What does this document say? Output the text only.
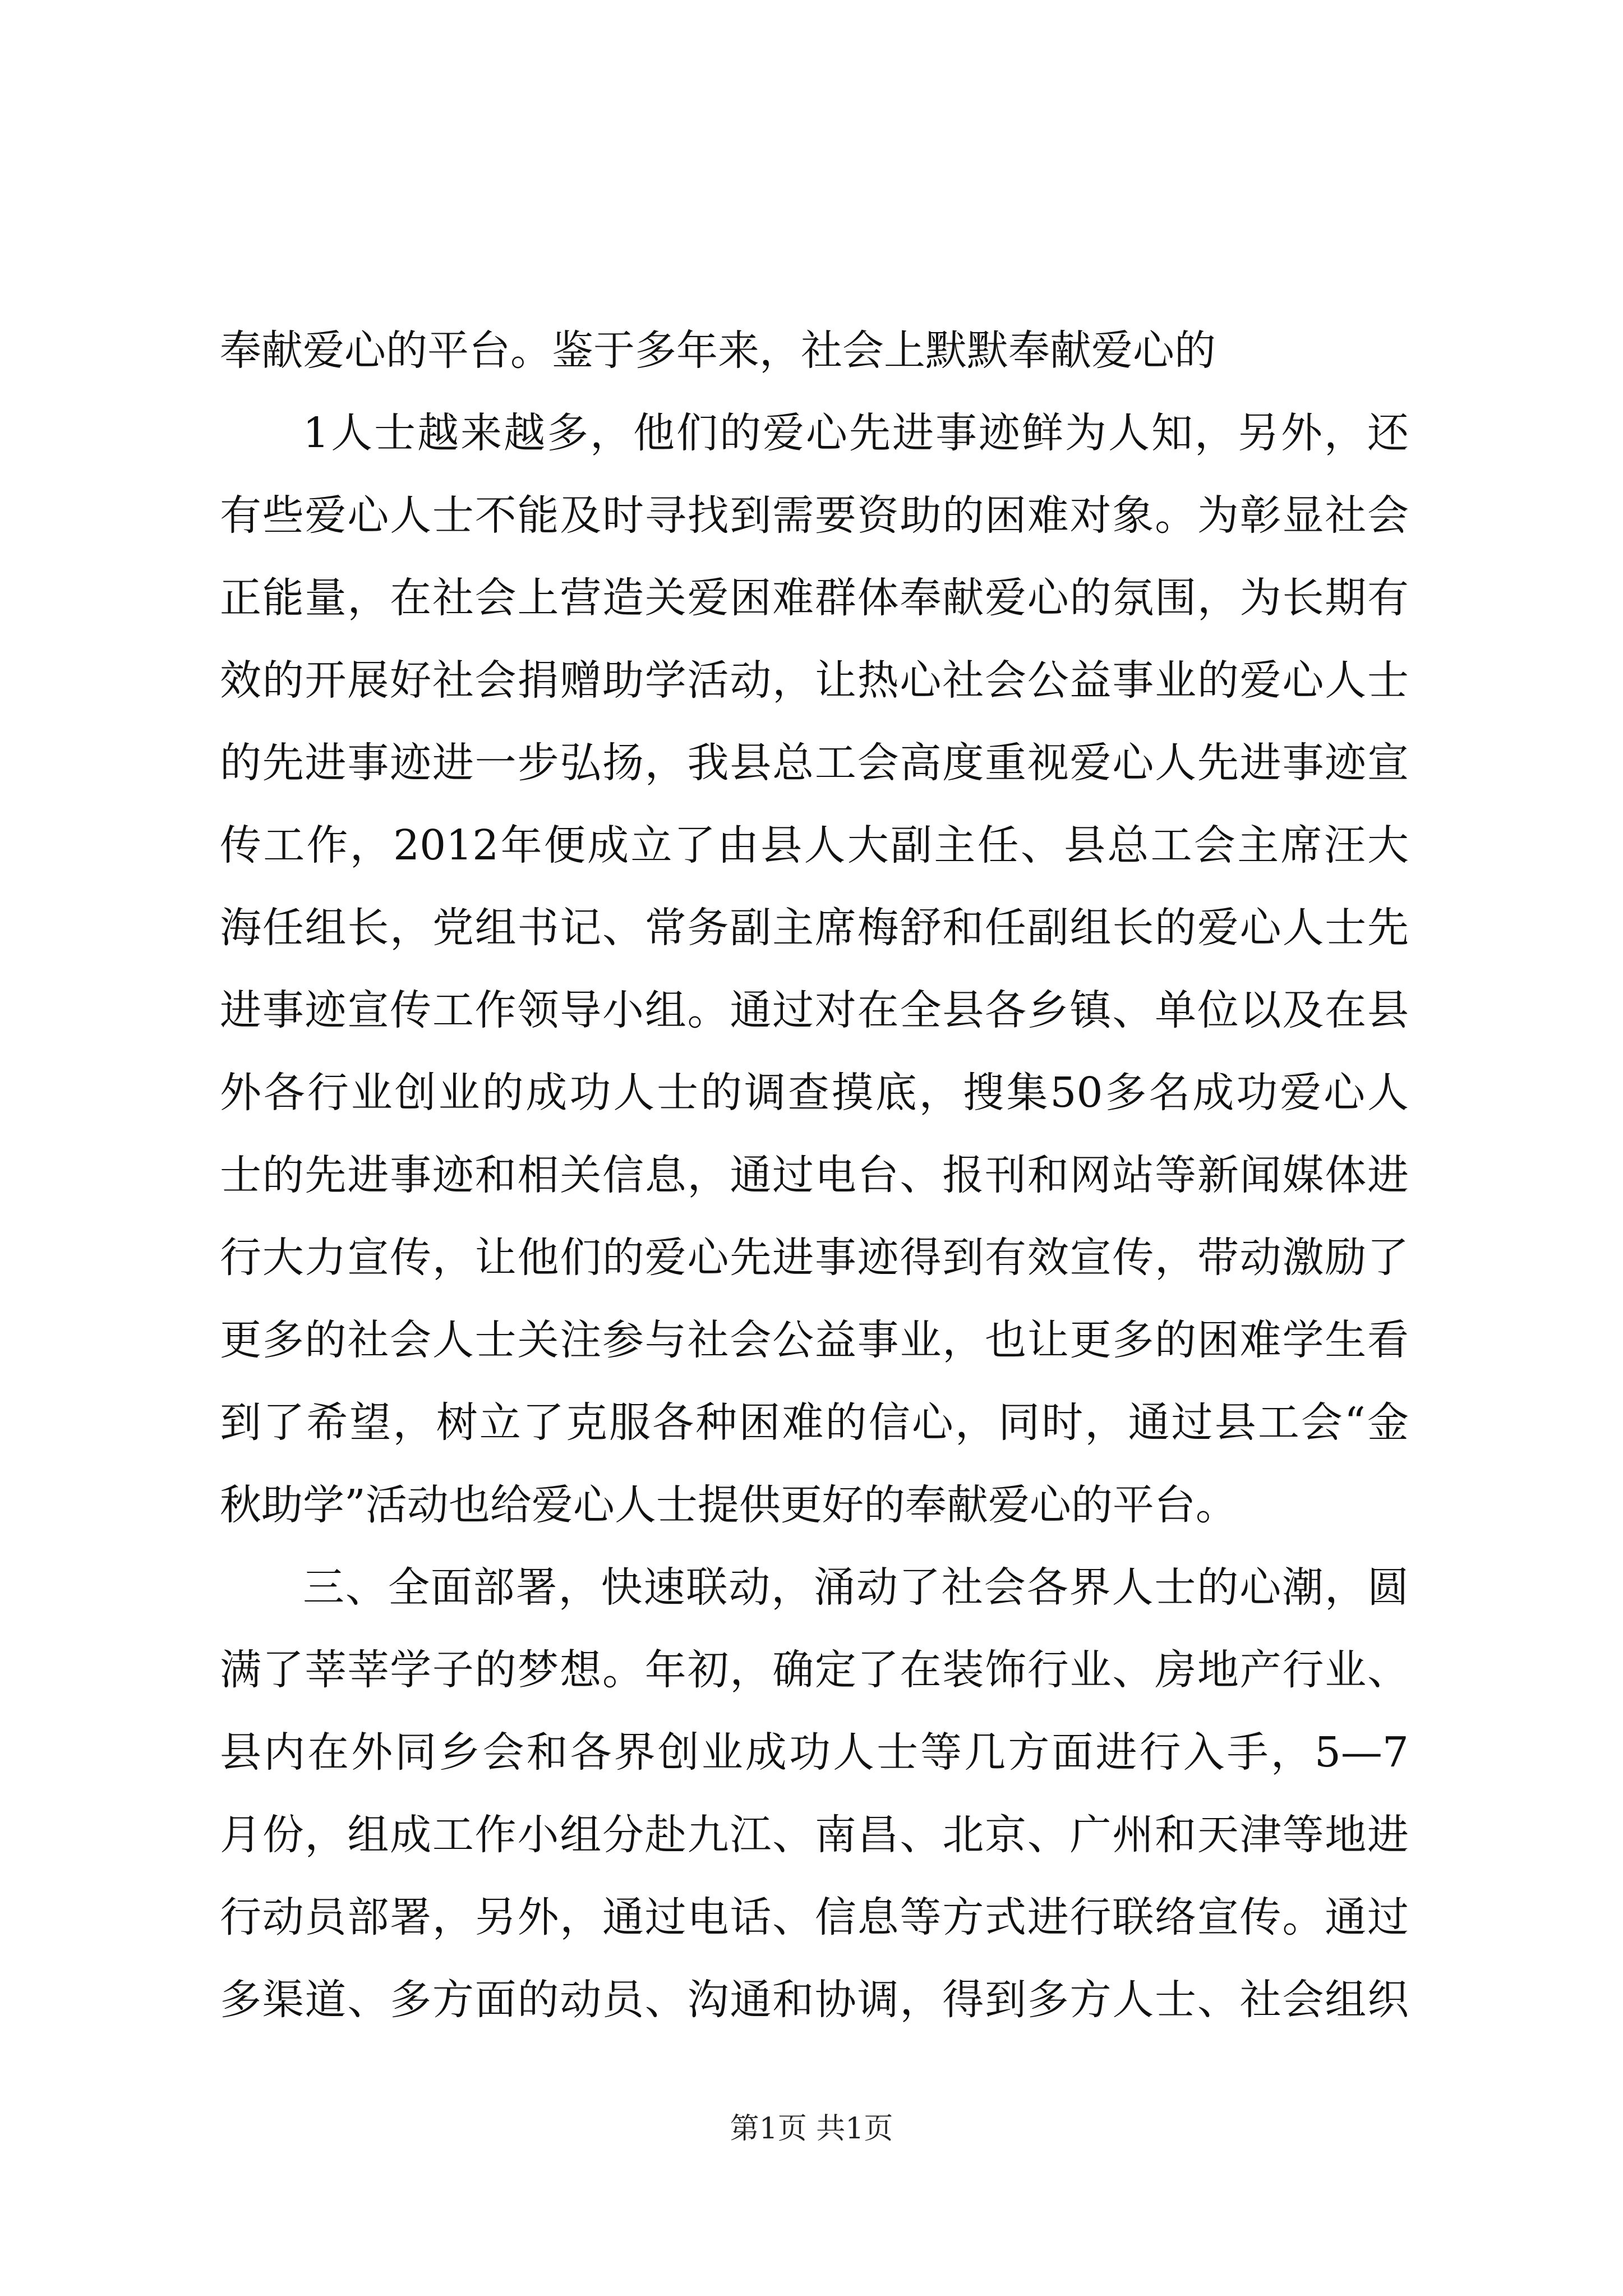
奉献爱心的平台。鉴于多年来，社会上默默奉献爱心的
1人士越来越多，他们的爱心先进事迹鲜为人知，另外，还
有些爱心人士不能及时寻找到需要资助的困难对象。为彰显社会
正能量，在社会上营造关爱困难群体奉献爱心的氛围，为长期有
效的开展好社会捐赠助学活动，让热心社会公益事业的爱心人士
的先进事迹进一步弘扬，我县总工会高度重视爱心人先进事迹宣
传工作，2012年便成立了由县人大副主任、县总工会主席汪大
海任组长，党组书记、常务副主席梅舒和任副组长的爱心人士先
进事迹宣传工作领导小组。通过对在全县各乡镇、单位以及在县
外各行业创业的成功人士的调查摸底，搜集50多名成功爱心人
士的先进事迹和相关信息，通过电台、报刊和网站等新闻媒体进
行大力宣传，让他们的爱心先进事迹得到有效宣传，带动激励了
更多的社会人士关注参与社会公益事业，也让更多的困难学生看
到了希望，树立了克服各种困难的信心，同时，通过县工会“金
秋助学”活动也给爱心人士提供更好的奉献爱心的平台。
三、全面部署，快速联动，涌动了社会各界人士的心潮，圆
满了莘莘学子的梦想。年初，确定了在装饰行业、房地产行业、
县内在外同乡会和各界创业成功人士等几方面进行入手，5—7
月份，组成工作小组分赴九江、南昌、北京、广州和天津等地进
行动员部署，另外，通过电话、信息等方式进行联络宣传。通过
多渠道、多方面的动员、沟通和协调，得到多方人士、社会组织
第1页 共1页
